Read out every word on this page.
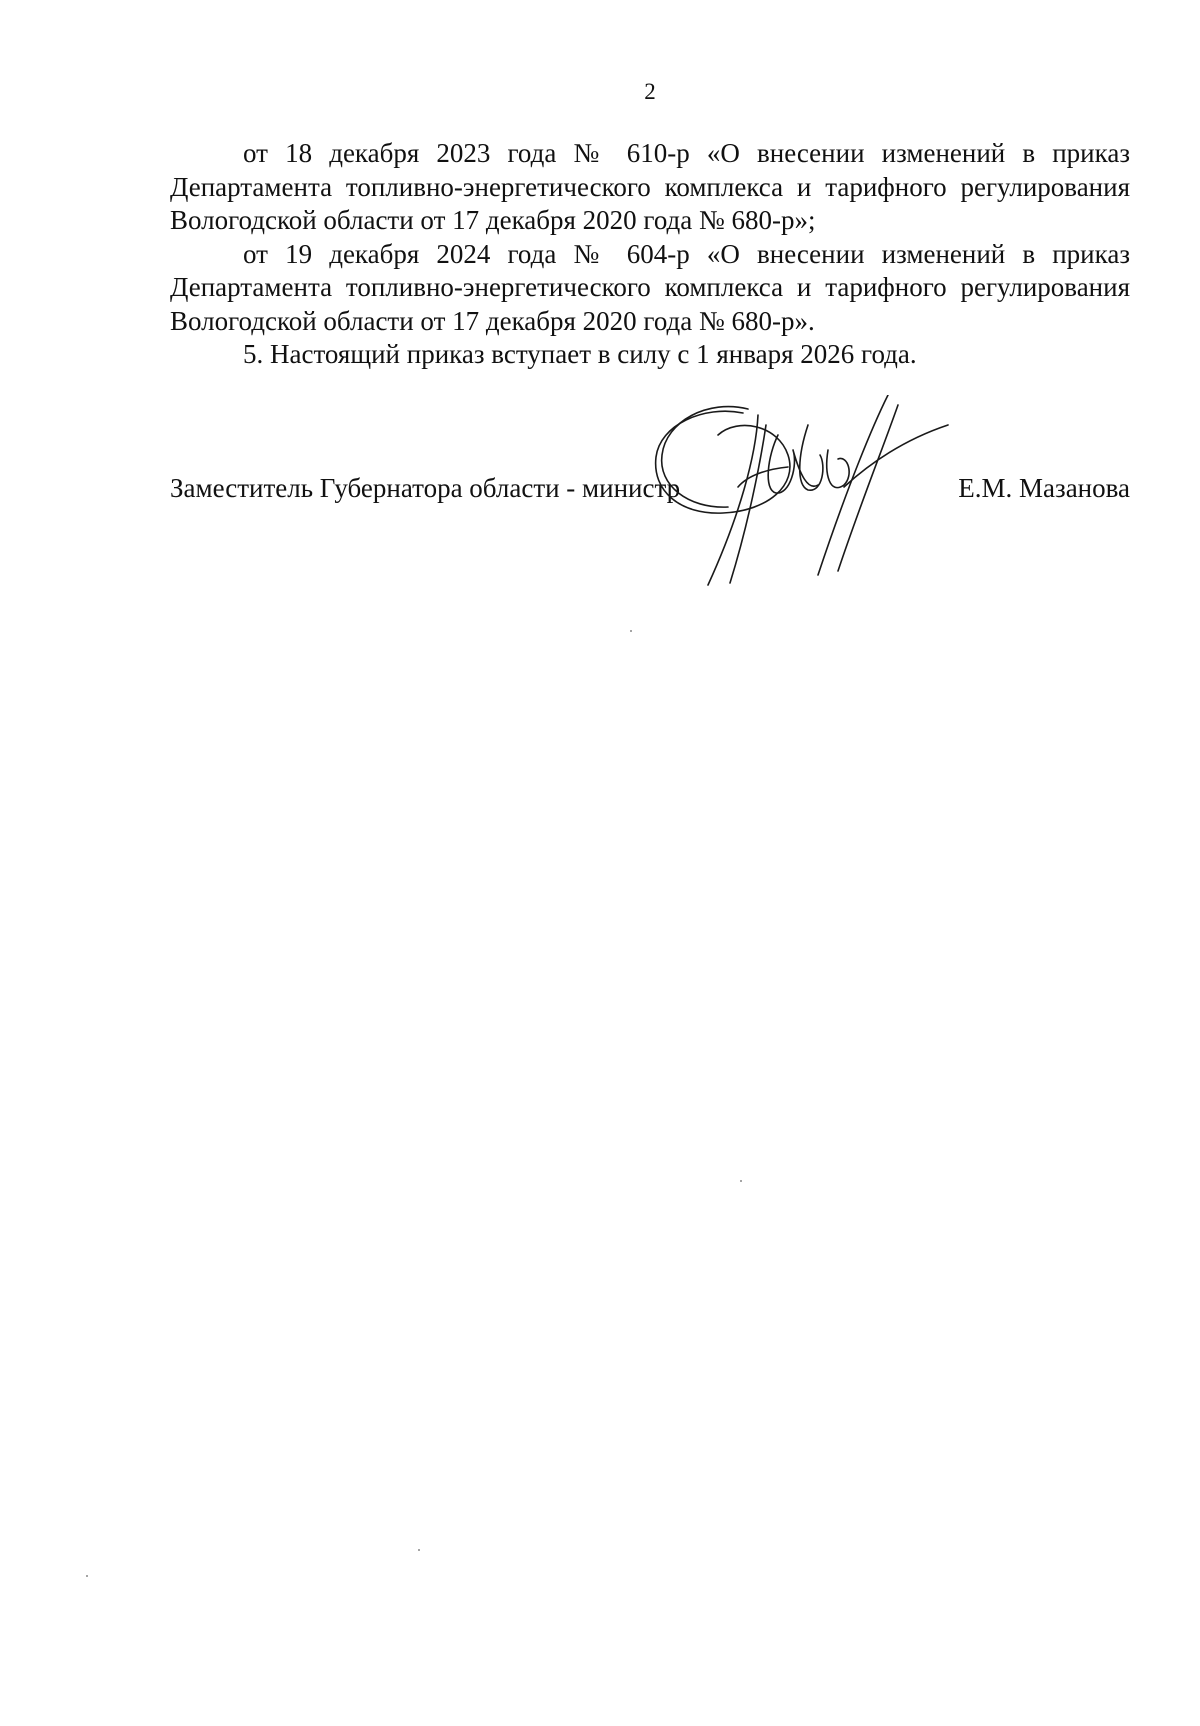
2

от 18 декабря 2023 года № 610-р «О внесении изменений в приказ Департамента топливно-энергетического комплекса и тарифного регулирования Вологодской области от 17 декабря 2020 года № 680-р»;

от 19 декабря 2024 года № 604-р «О внесении изменений в приказ Департамента топливно-энергетического комплекса и тарифного регулирования Вологодской области от 17 декабря 2020 года № 680-р».

5. Настоящий приказ вступает в силу с 1 января 2026 года.

Заместитель Губернатора области - министр	Е.М. Мазанова
